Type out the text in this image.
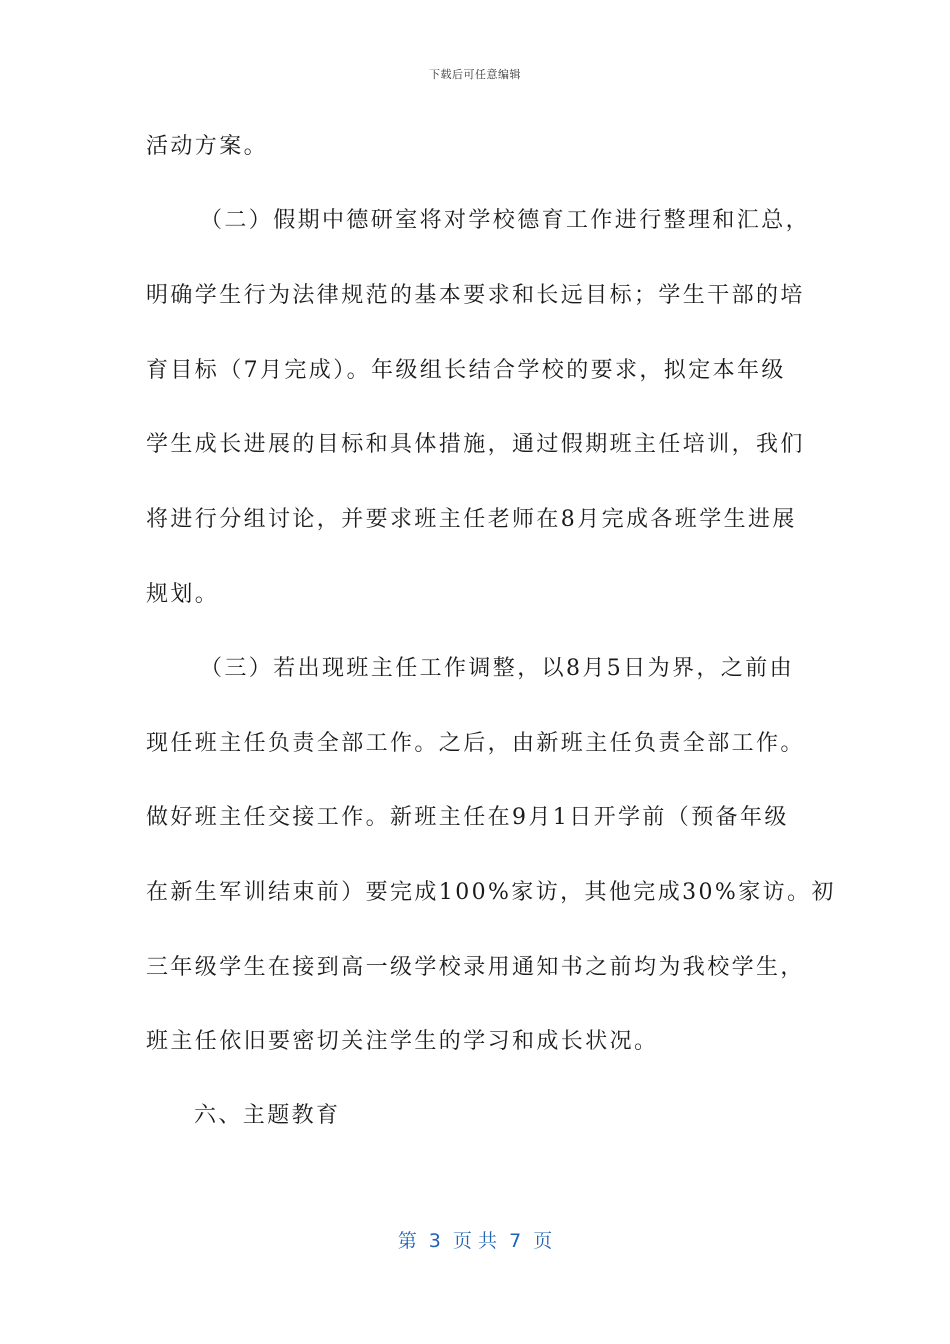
下载后可任意编辑
活动方案。
（二）假期中德研室将对学校德育工作进行整理和汇总，
明确学生行为法律规范的基本要求和长远目标；学生干部的培
育目标（7月完成）。年级组长结合学校的要求，拟定本年级
学生成长进展的目标和具体措施，通过假期班主任培训，我们
将进行分组讨论，并要求班主任老师在8月完成各班学生进展
规划。
（三）若出现班主任工作调整，以8月5日为界，之前由
现任班主任负责全部工作。之后，由新班主任负责全部工作。
做好班主任交接工作。新班主任在9月1日开学前（预备年级
在新生军训结束前）要完成100%家访，其他完成30%家访。初
三年级学生在接到高一级学校录用通知书之前均为我校学生，
班主任依旧要密切关注学生的学习和成长状况。
六、主题教育
第  3  页 共  7  页
